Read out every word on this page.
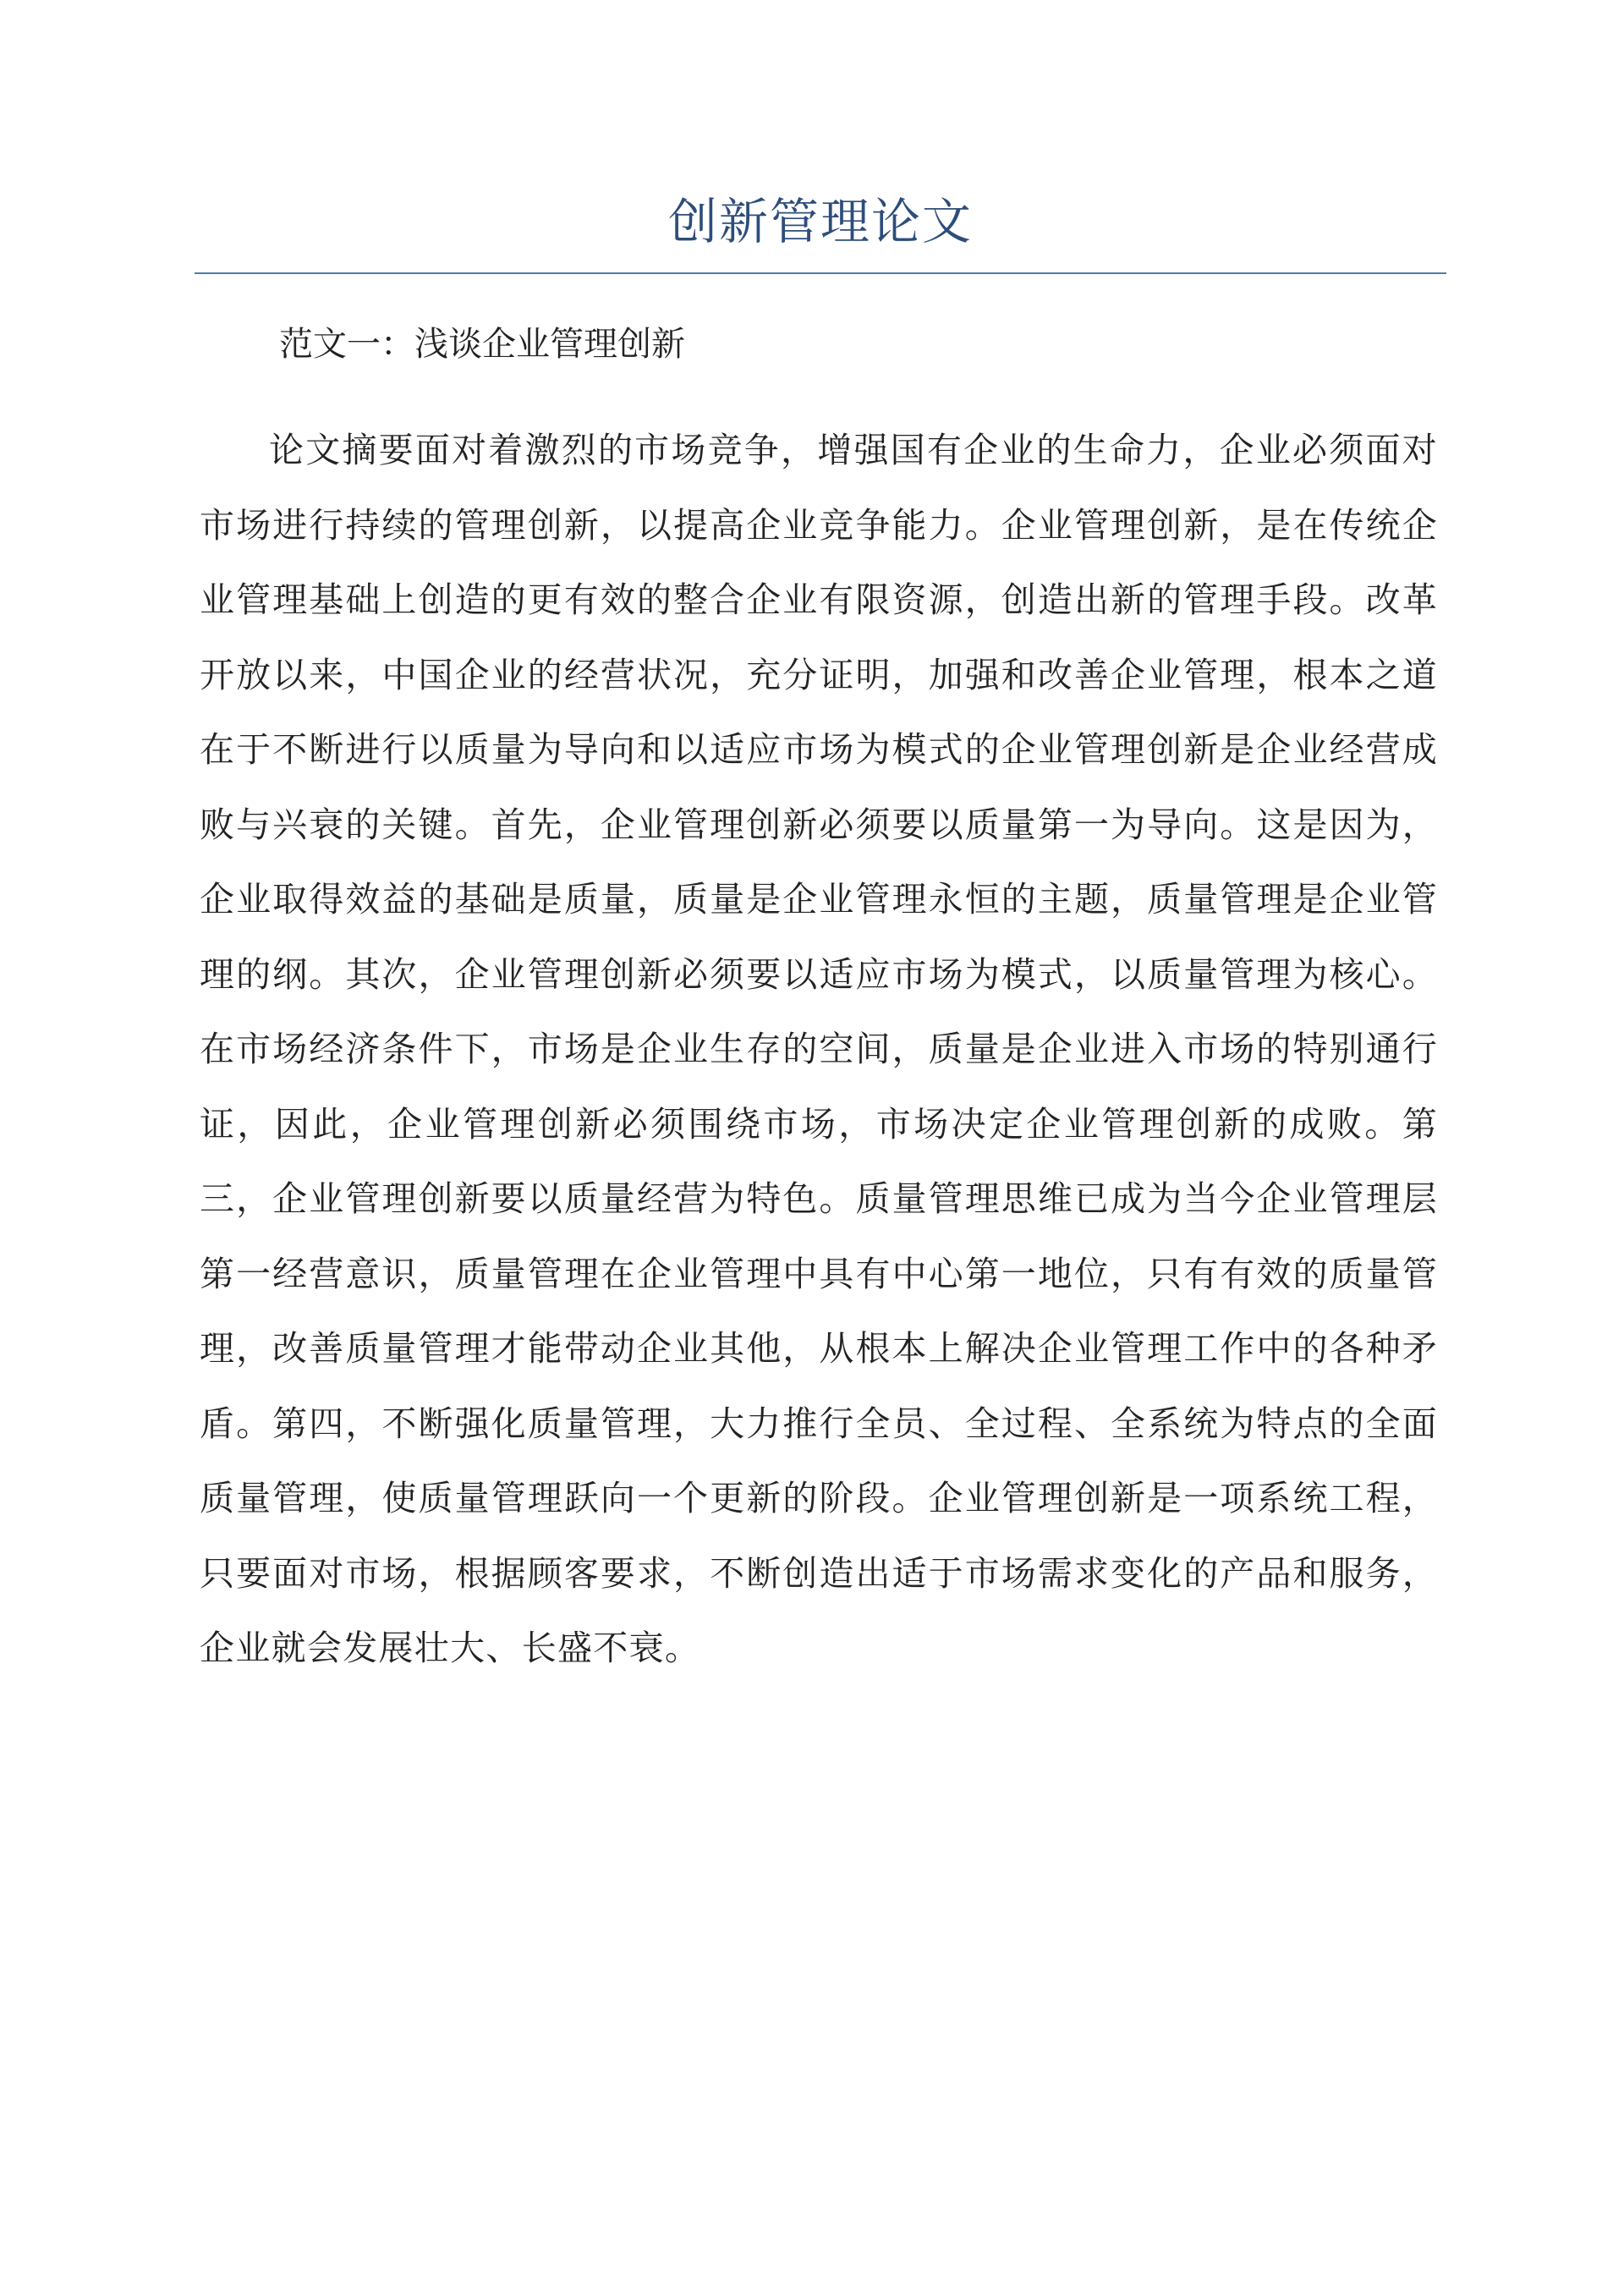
创新管理论文

范文一：浅谈企业管理创新

论文摘要面对着激烈的市场竞争，增强国有企业的生命力，企业必须面对市场进行持续的管理创新，以提高企业竞争能力。企业管理创新，是在传统企业管理基础上创造的更有效的整合企业有限资源，创造出新的管理手段。改革开放以来，中国企业的经营状况，充分证明，加强和改善企业管理，根本之道在于不断进行以质量为导向和以适应市场为模式的企业管理创新是企业经营成败与兴衰的关键。首先，企业管理创新必须要以质量第一为导向。这是因为，企业取得效益的基础是质量，质量是企业管理永恒的主题，质量管理是企业管理的纲。其次，企业管理创新必须要以适应市场为模式，以质量管理为核心。在市场经济条件下，市场是企业生存的空间，质量是企业进入市场的特别通行证，因此，企业管理创新必须围绕市场，市场决定企业管理创新的成败。第三，企业管理创新要以质量经营为特色。质量管理思维已成为当今企业管理层第一经营意识，质量管理在企业管理中具有中心第一地位，只有有效的质量管理，改善质量管理才能带动企业其他，从根本上解决企业管理工作中的各种矛盾。第四，不断强化质量管理，大力推行全员、全过程、全系统为特点的全面质量管理，使质量管理跃向一个更新的阶段。企业管理创新是一项系统工程，只要面对市场，根据顾客要求，不断创造出适于市场需求变化的产品和服务，企业就会发展壮大、长盛不衰。
